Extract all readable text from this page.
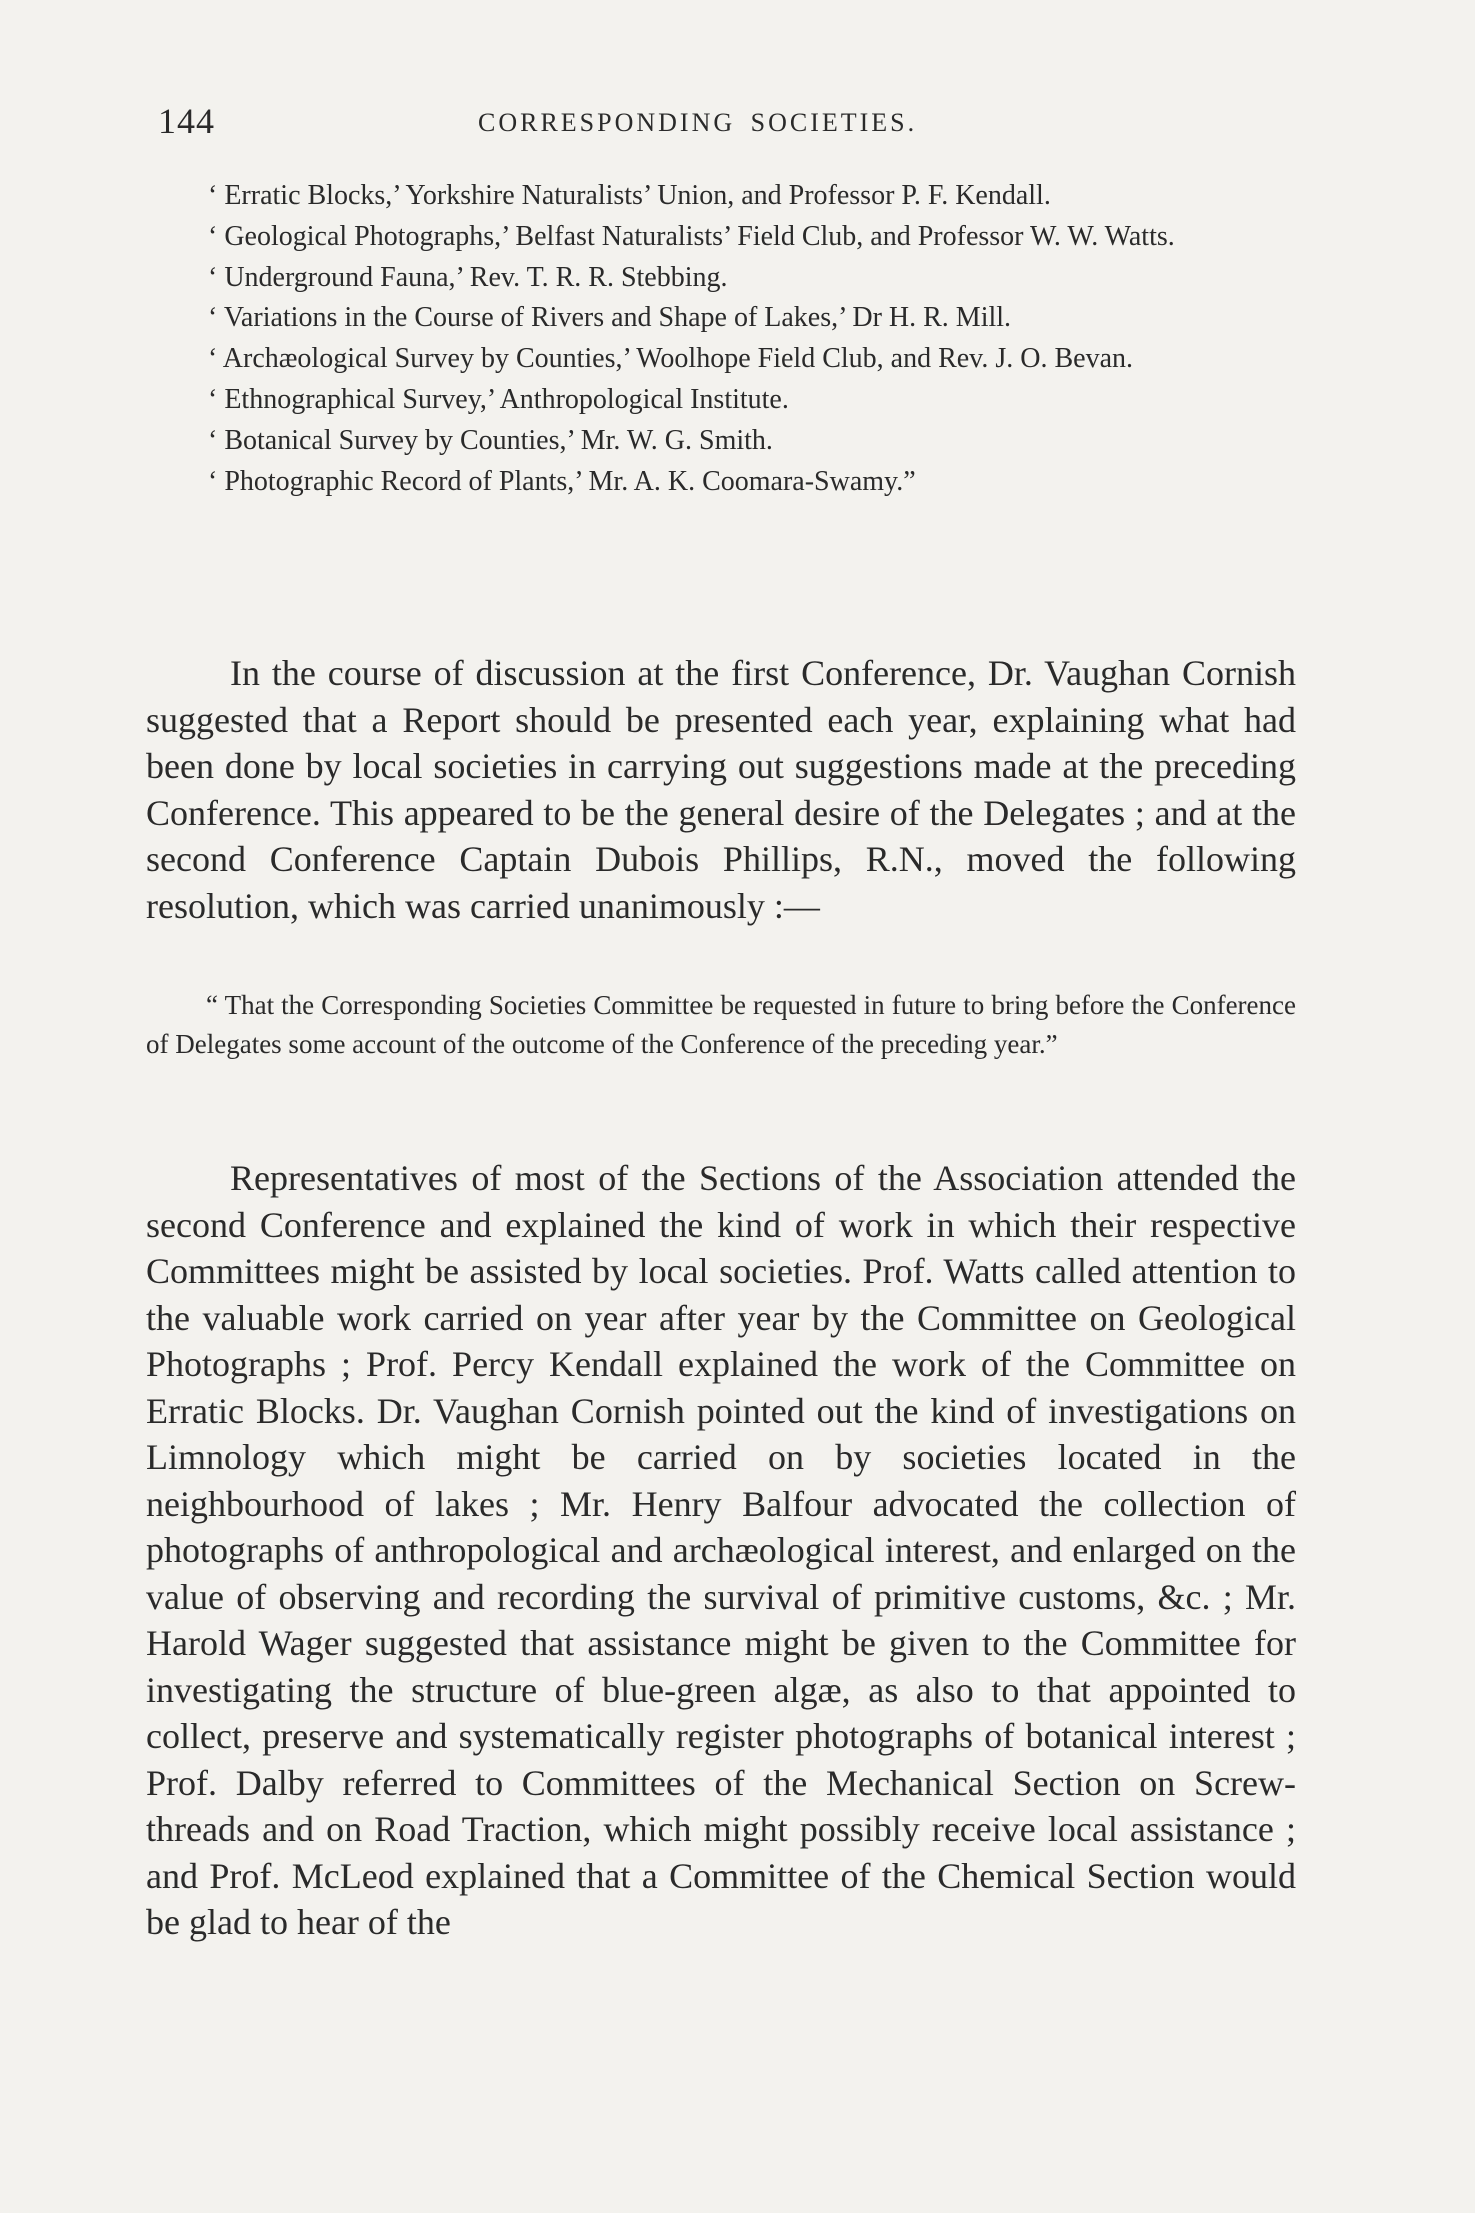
144	CORRESPONDING SOCIETIES.

‘ Erratic Blocks,’ Yorkshire Naturalists’ Union, and Professor P. F. Kendall.

‘ Geological Photographs,’ Belfast Naturalists’ Field Club, and Professor W. W. Watts.

‘ Underground Fauna,’ Rev. T. R. R. Stebbing.

‘ Variations in the Course of Rivers and Shape of Lakes,’ Dr H. R. Mill.

‘ Archæological Survey by Counties,’ Woolhope Field Club, and Rev. J. O. Bevan.

‘ Ethnographical Survey,’ Anthropological Institute.

‘ Botanical Survey by Counties,’ Mr. W. G. Smith.

‘ Photographic Record of Plants,’ Mr. A. K. Coomara-Swamy.”

In the course of discussion at the first Conference, Dr. Vaughan Cornish suggested that a Report should be presented each year, explaining what had been done by local societies in carrying out suggestions made at the preceding Conference. This appeared to be the general desire of the Delegates ; and at the second Conference Captain Dubois Phillips, R.N., moved the following resolution, which was carried unanimously :—

“ That the Corresponding Societies Committee be requested in future to bring before the Conference of Delegates some account of the outcome of the Conference of the preceding year.”

Representatives of most of the Sections of the Association attended the second Conference and explained the kind of work in which their respective Committees might be assisted by local societies. Prof. Watts called attention to the valuable work carried on year after year by the Committee on Geological Photographs ; Prof. Percy Kendall explained the work of the Committee on Erratic Blocks. Dr. Vaughan Cornish pointed out the kind of investigations on Limnology which might be carried on by societies located in the neighbourhood of lakes ; Mr. Henry Balfour advocated the collection of photographs of anthropological and archæological interest, and enlarged on the value of observing and recording the survival of primitive customs, &c. ; Mr. Harold Wager suggested that assistance might be given to the Committee for investigating the structure of blue-green algæ, as also to that appointed to collect, preserve and systematically register photographs of botanical interest ; Prof. Dalby referred to Committees of the Mechanical Section on Screw-threads and on Road Traction, which might possibly receive local assistance ; and Prof. McLeod explained that a Committee of the Chemical Section would be glad to hear of the
